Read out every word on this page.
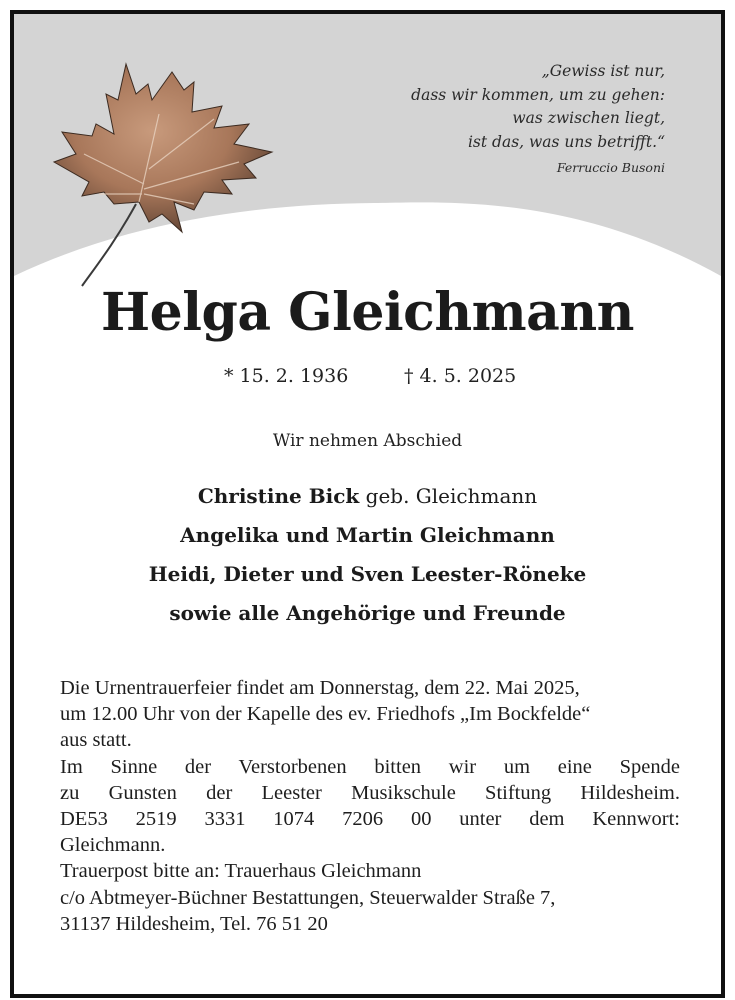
„Gewiss ist nur,
dass wir kommen, um zu gehen:
was zwischen liegt,
ist das, was uns betrifft.“
Ferruccio Busoni
Helga Gleichmann
* 15. 2. 1936	† 4. 5. 2025
Wir nehmen Abschied
Christine Bick geb. Gleichmann
Angelika und Martin Gleichmann
Heidi, Dieter und Sven Leester-Röneke
sowie alle Angehörige und Freunde
Die Urnentrauerfeier findet am Donnerstag, dem 22. Mai 2025,
um 12.00 Uhr von der Kapelle des ev. Friedhofs „Im Bockfelde“
aus statt.
Im Sinne der Verstorbenen bitten wir um eine Spende
zu Gunsten der Leester Musikschule Stiftung Hildesheim.
DE53 2519 3331 1074 7206 00 unter dem Kennwort:
Gleichmann.
Trauerpost bitte an: Trauerhaus Gleichmann
c/o Abtmeyer-Büchner Bestattungen, Steuerwalder Straße 7,
31137 Hildesheim, Tel. 76 51 20
